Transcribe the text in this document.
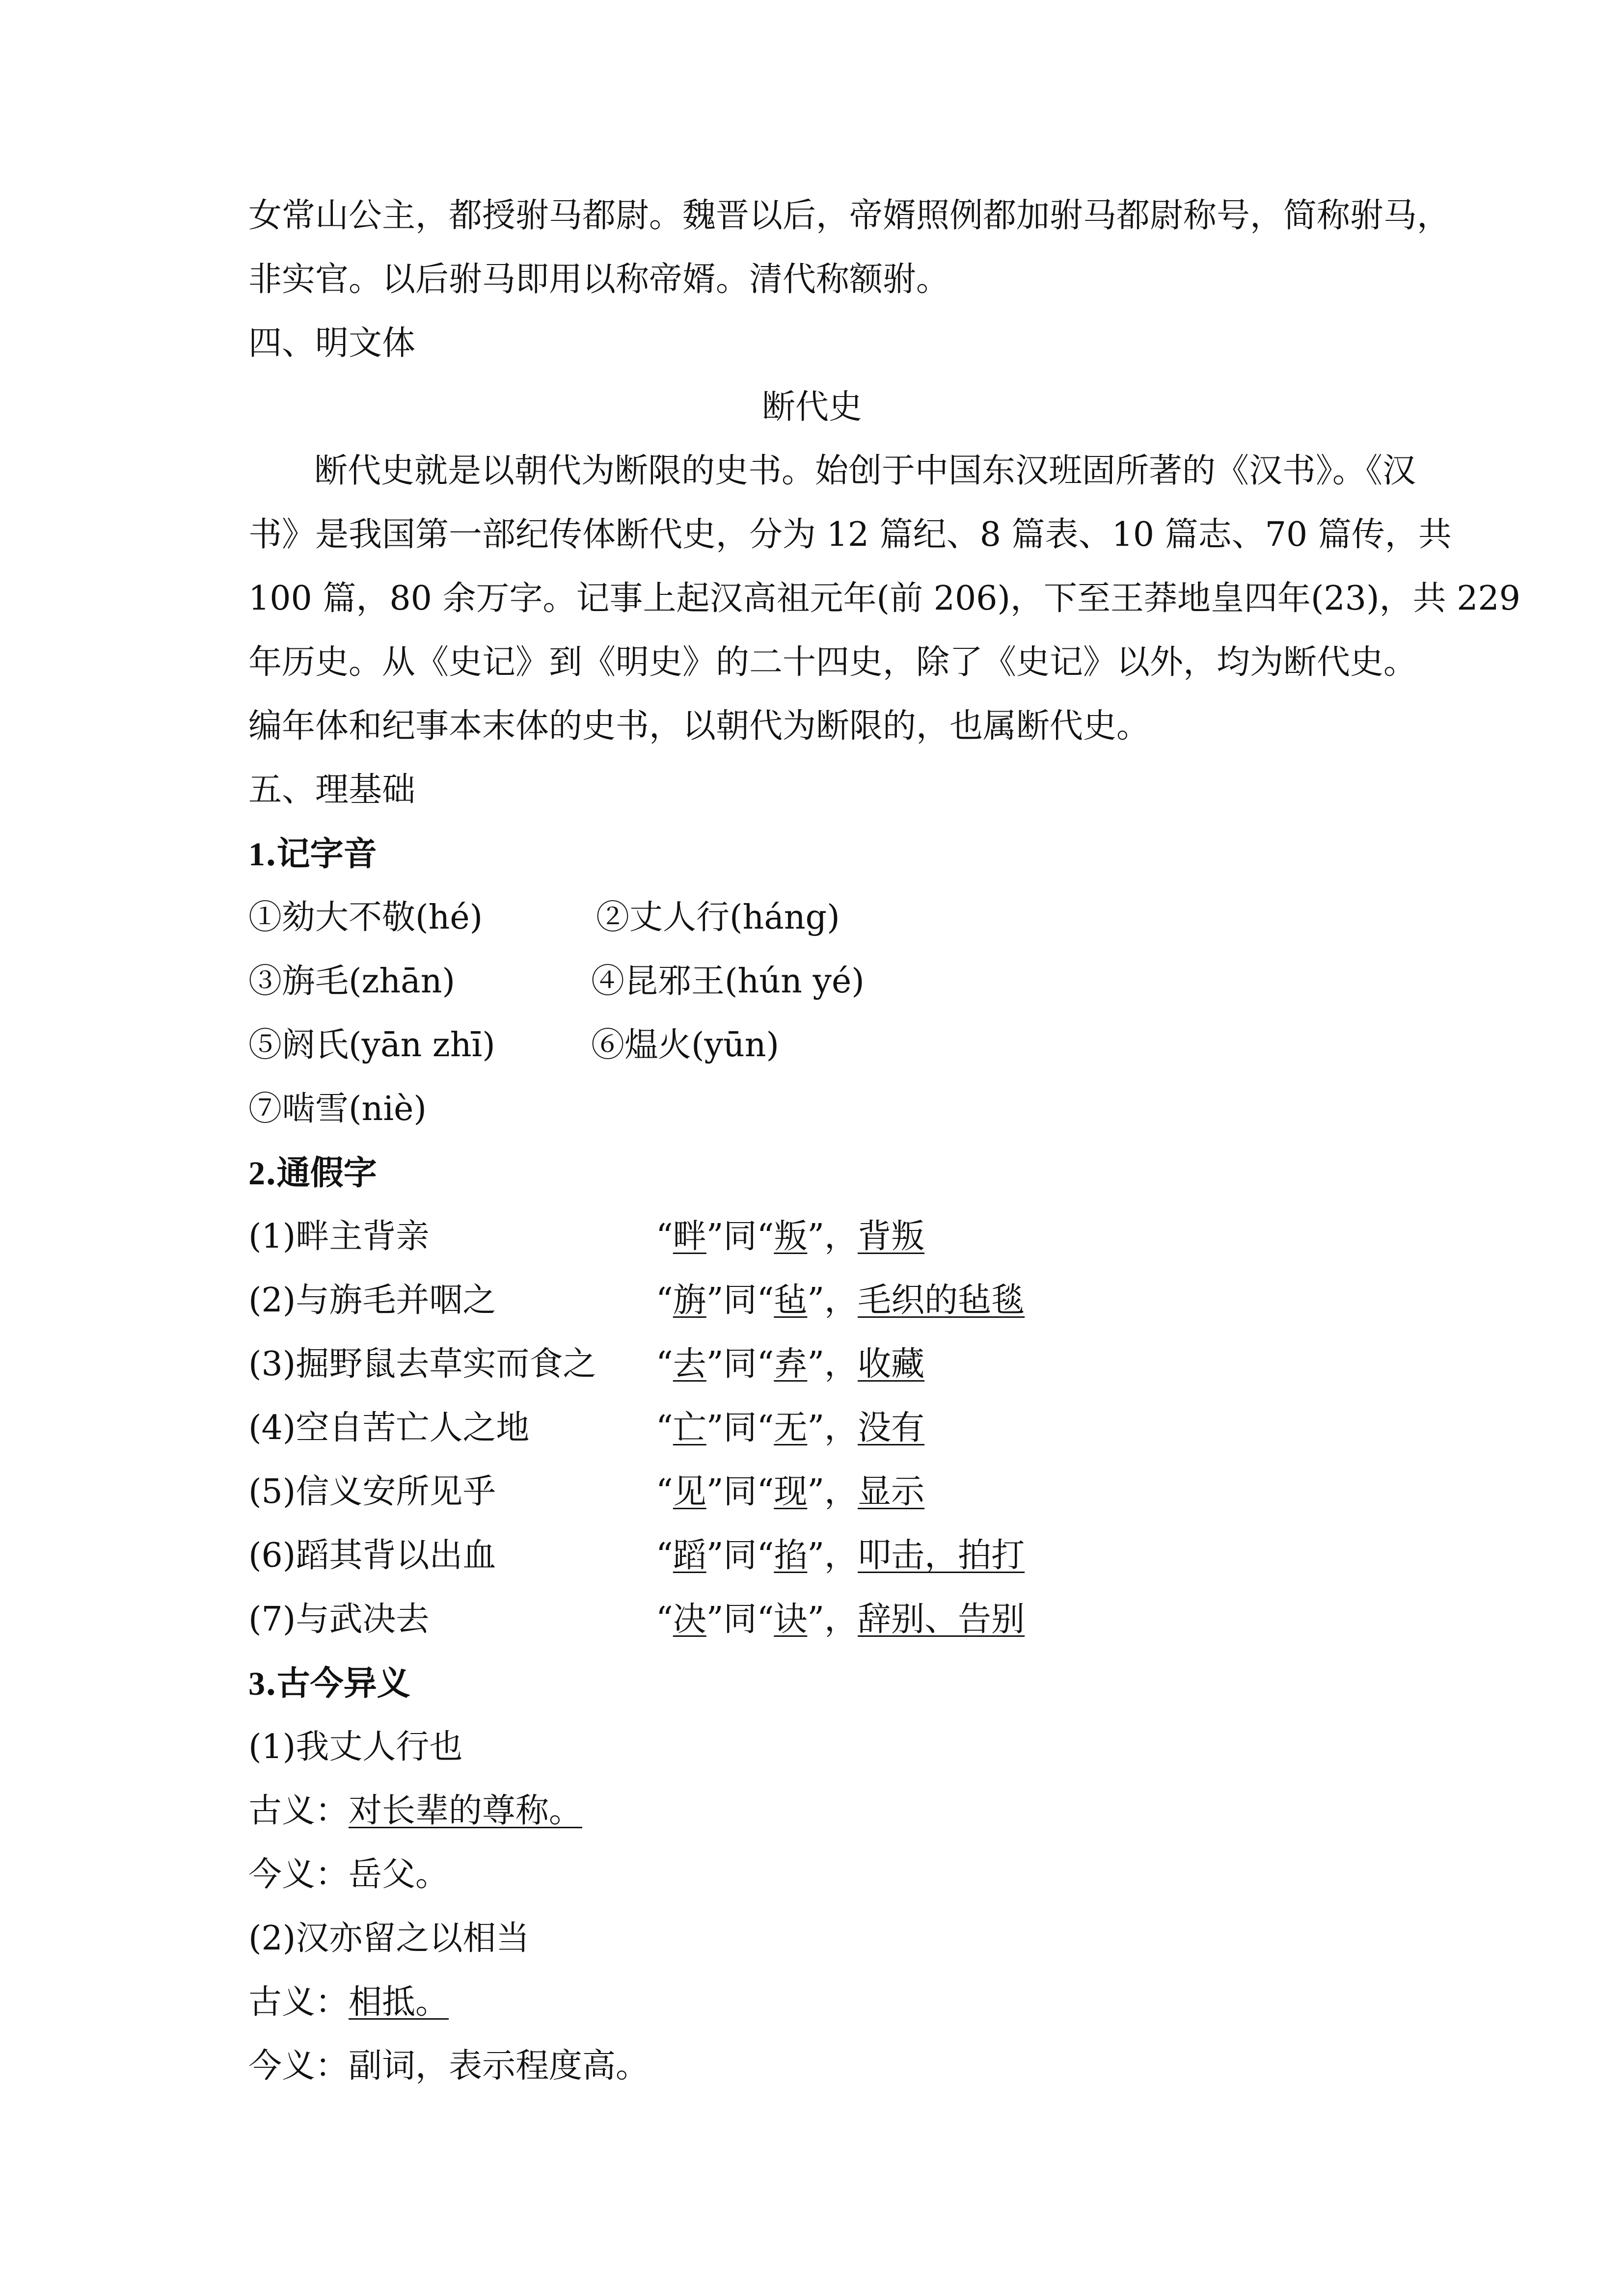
女常山公主，都授驸马都尉。魏晋以后，帝婿照例都加驸马都尉称号，简称驸马，
非实官。以后驸马即用以称帝婿。清代称额驸。
四、明文体
断代史
断代史就是以朝代为断限的史书。始创于中国东汉班固所著的《汉书》。《汉
书》是我国第一部纪传体断代史，分为 12 篇纪、8 篇表、10 篇志、70 篇传，共
100 篇，80 余万字。记事上起汉高祖元年(前 206)，下至王莽地皇四年(23)，共 229
年历史。从《史记》到《明史》的二十四史，除了《史记》以外，均为断代史。
编年体和纪事本末体的史书，以朝代为断限的，也属断代史。
五、理基础
1.记字音
①劾大不敬(hé)	②丈人行(háng)
③旃毛(zhān)	④昆邪王(hún yé)
⑤阏氏(yān zhī)	⑥煴火(yūn)
⑦啮雪(niè)
2.通假字
(1)畔主背亲	“畔”同“叛”，背叛
(2)与旃毛并咽之	“旃”同“毡”，毛织的毡毯
(3)掘野鼠去草实而食之 “去”同“弆”，收藏
(4)空自苦亡人之地	“亡”同“无”，没有
(5)信义安所见乎	“见”同“现”，显示
(6)蹈其背以出血	“蹈”同“掐”，叩击，拍打
(7)与武决去	“决”同“诀”，辞别、告别
3.古今异义
(1)我丈人行也
古义：对长辈的尊称。
今义：岳父。
(2)汉亦留之以相当
古义：相抵。
今义：副词，表示程度高。
